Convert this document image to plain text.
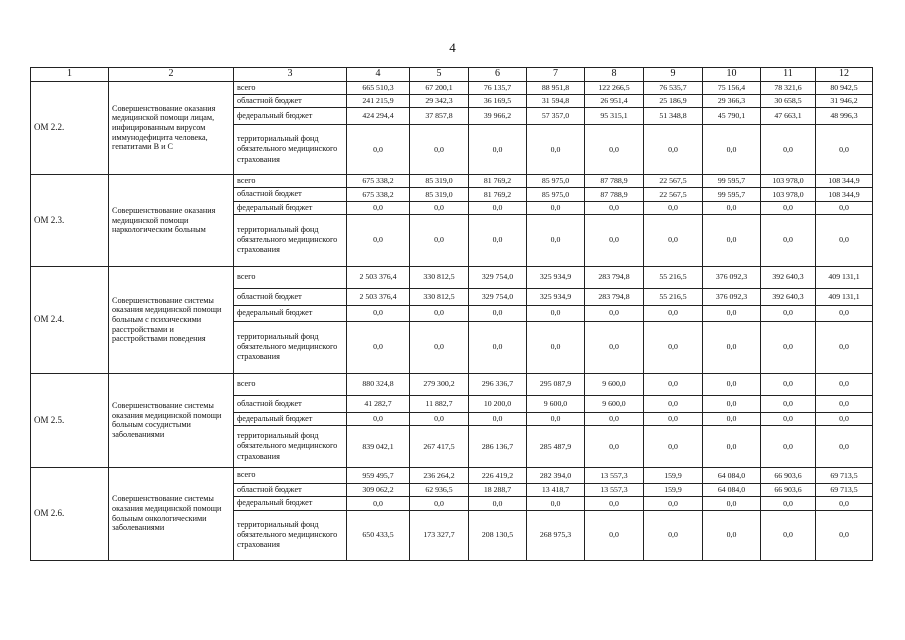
4
1	2	3	4	5	6	7	8	9	10	11	12
ОМ 2.2.	Совершенствование оказания медицинской помощи лицам, инфицированным вирусом иммунодефицита человека, гепатитами В и С	всего	665 510,3	67 200,1	76 135,7	88 951,8	122 266,5	76 535,7	75 156,4	78 321,6	80 942,5
		областной бюджет	241 215,9	29 342,3	36 169,5	31 594,8	26 951,4	25 186,9	29 366,3	30 658,5	31 946,2
		федеральный бюджет	424 294,4	37 857,8	39 966,2	57 357,0	95 315,1	51 348,8	45 790,1	47 663,1	48 996,3
		территориальный фонд обязательного медицинского страхования	0,0	0,0	0,0	0,0	0,0	0,0	0,0	0,0	0,0
ОМ 2.3.	Совершенствование оказания медицинской помощи наркологическим больным	всего	675 338,2	85 319,0	81 769,2	85 975,0	87 788,9	22 567,5	99 595,7	103 978,0	108 344,9
		областной бюджет	675 338,2	85 319,0	81 769,2	85 975,0	87 788,9	22 567,5	99 595,7	103 978,0	108 344,9
		федеральный бюджет	0,0	0,0	0,0	0,0	0,0	0,0	0,0	0,0	0,0
		территориальный фонд обязательного медицинского страхования	0,0	0,0	0,0	0,0	0,0	0,0	0,0	0,0	0,0
ОМ 2.4.	Совершенствование системы оказания медицинской помощи больным с психическими расстройствами и расстройствами поведения	всего	2 503 376,4	330 812,5	329 754,0	325 934,9	283 794,8	55 216,5	376 092,3	392 640,3	409 131,1
		областной бюджет	2 503 376,4	330 812,5	329 754,0	325 934,9	283 794,8	55 216,5	376 092,3	392 640,3	409 131,1
		федеральный бюджет	0,0	0,0	0,0	0,0	0,0	0,0	0,0	0,0	0,0
		территориальный фонд обязательного медицинского страхования	0,0	0,0	0,0	0,0	0,0	0,0	0,0	0,0	0,0
ОМ 2.5.	Совершенствование системы оказания медицинской помощи больным сосудистыми заболеваниями	всего	880 324,8	279 300,2	296 336,7	295 087,9	9 600,0	0,0	0,0	0,0	0,0
		областной бюджет	41 282,7	11 882,7	10 200,0	9 600,0	9 600,0	0,0	0,0	0,0	0,0
		федеральный бюджет	0,0	0,0	0,0	0,0	0,0	0,0	0,0	0,0	0,0
		территориальный фонд обязательного медицинского страхования	839 042,1	267 417,5	286 136,7	285 487,9	0,0	0,0	0,0	0,0	0,0
ОМ 2.6.	Совершенствование системы оказания медицинской помощи больным онкологическими заболеваниями	всего	959 495,7	236 264,2	226 419,2	282 394,0	13 557,3	159,9	64 084,0	66 903,6	69 713,5
		областной бюджет	309 062,2	62 936,5	18 288,7	13 418,7	13 557,3	159,9	64 084,0	66 903,6	69 713,5
		федеральный бюджет	0,0	0,0	0,0	0,0	0,0	0,0	0,0	0,0	0,0
		территориальный фонд обязательного медицинского страхования	650 433,5	173 327,7	208 130,5	268 975,3	0,0	0,0	0,0	0,0	0,0
